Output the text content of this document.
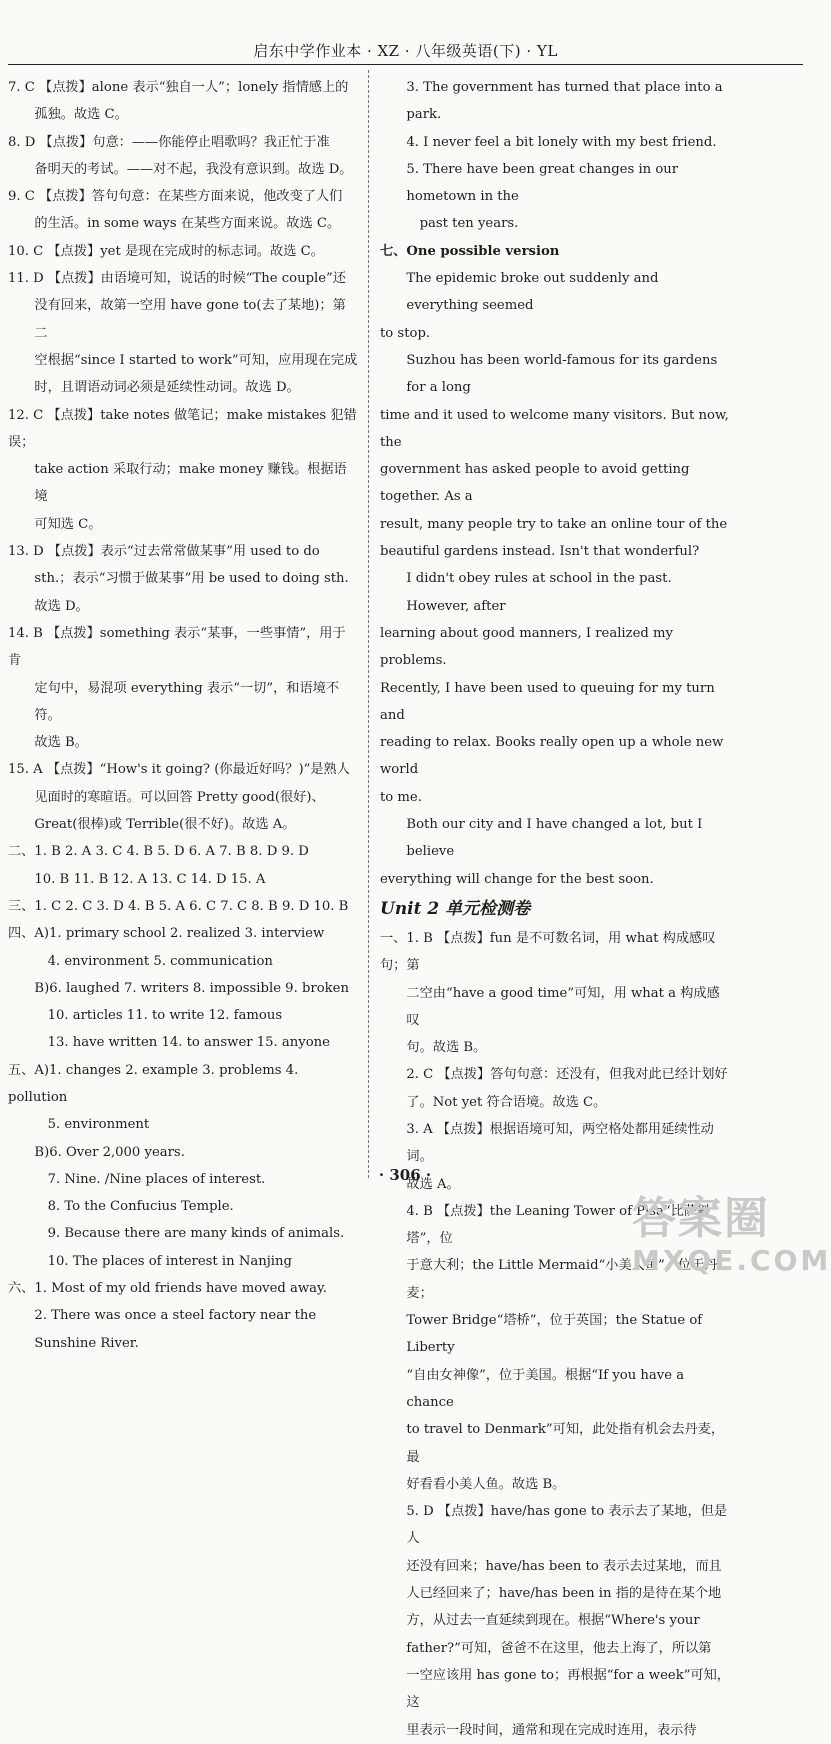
启东中学作业本 · XZ · 八年级英语(下) · YL

7. C 【点拨】alone 表示“独自一人”；lonely 指情感上的

孤独。故选 C。

8. D 【点拨】句意：——你能停止唱歌吗？我正忙于准

备明天的考试。——对不起，我没有意识到。故选 D。

9. C 【点拨】答句句意：在某些方面来说，他改变了人们

的生活。in some ways 在某些方面来说。故选 C。

10. C 【点拨】yet 是现在完成时的标志词。故选 C。

11. D 【点拨】由语境可知，说话的时候“The couple”还

没有回来，故第一空用 have gone to(去了某地)；第二

空根据“since I started to work”可知，应用现在完成

时，且谓语动词必须是延续性动词。故选 D。

12. C 【点拨】take notes 做笔记；make mistakes 犯错误；

take action 采取行动；make money 赚钱。根据语境

可知选 C。

13. D 【点拨】表示“过去常常做某事”用 used to do

sth.；表示“习惯于做某事”用 be used to doing sth.

故选 D。

14. B 【点拨】something 表示“某事，一些事情”，用于肯

定句中，易混项 everything 表示“一切”，和语境不符。

故选 B。

15. A 【点拨】“How's it going? (你最近好吗？)”是熟人

见面时的寒暄语。可以回答 Pretty good(很好)、

Great(很棒)或 Terrible(很不好)。故选 A。

二、1. B 2. A 3. C 4. B 5. D 6. A 7. B 8. D 9. D

10. B 11. B 12. A 13. C 14. D 15. A

三、1. C 2. C 3. D 4. B 5. A 6. C 7. C 8. B 9. D 10. B

四、A)1. primary school 2. realized 3. interview

4. environment 5. communication

B)6. laughed 7. writers 8. impossible 9. broken

10. articles 11. to write 12. famous

13. have written 14. to answer 15. anyone

五、A)1. changes 2. example 3. problems 4. pollution

5. environment

B)6. Over 2,000 years.

7. Nine. /Nine places of interest.

8. To the Confucius Temple.

9. Because there are many kinds of animals.

10. The places of interest in Nanjing

六、1. Most of my old friends have moved away.

2. There was once a steel factory near the Sunshine River.

3. The government has turned that place into a park.

4. I never feel a bit lonely with my best friend.

5. There have been great changes in our hometown in the

past ten years.

七、One possible version

The epidemic broke out suddenly and everything seemed

to stop.

Suzhou has been world-famous for its gardens for a long

time and it used to welcome many visitors. But now, the

government has asked people to avoid getting together. As a

result, many people try to take an online tour of the

beautiful gardens instead. Isn't that wonderful?

I didn't obey rules at school in the past. However, after

learning about good manners, I realized my problems.

Recently, I have been used to queuing for my turn and

reading to relax. Books really open up a whole new world

to me.

Both our city and I have changed a lot, but I believe

everything will change for the best soon.

Unit 2 单元检测卷

一、1. B 【点拨】fun 是不可数名词，用 what 构成感叹句；第

二空由“have a good time”可知，用 what a 构成感叹

句。故选 B。

2. C 【点拨】答句句意：还没有，但我对此已经计划好

了。Not yet 符合语境。故选 C。

3. A 【点拨】根据语境可知，两空格处都用延续性动词。

故选 A。

4. B 【点拨】the Leaning Tower of Pisa“比萨斜塔”，位

于意大利；the Little Mermaid“小美人鱼”，位于丹麦；

Tower Bridge“塔桥”，位于英国；the Statue of Liberty

“自由女神像”，位于美国。根据“If you have a chance

to travel to Denmark”可知，此处指有机会去丹麦，最

好看看小美人鱼。故选 B。

5. D 【点拨】have/has gone to 表示去了某地，但是人

还没有回来；have/has been to 表示去过某地，而且

人已经回来了；have/has been in 指的是待在某个地

方，从过去一直延续到现在。根据“Where's your

father?”可知，爸爸不在这里，他去上海了，所以第

一空应该用 has gone to；再根据“for a week”可知，这

里表示一段时间，通常和现在完成时连用，表示待

· 306 ·
答案圈
MXQE.COM
